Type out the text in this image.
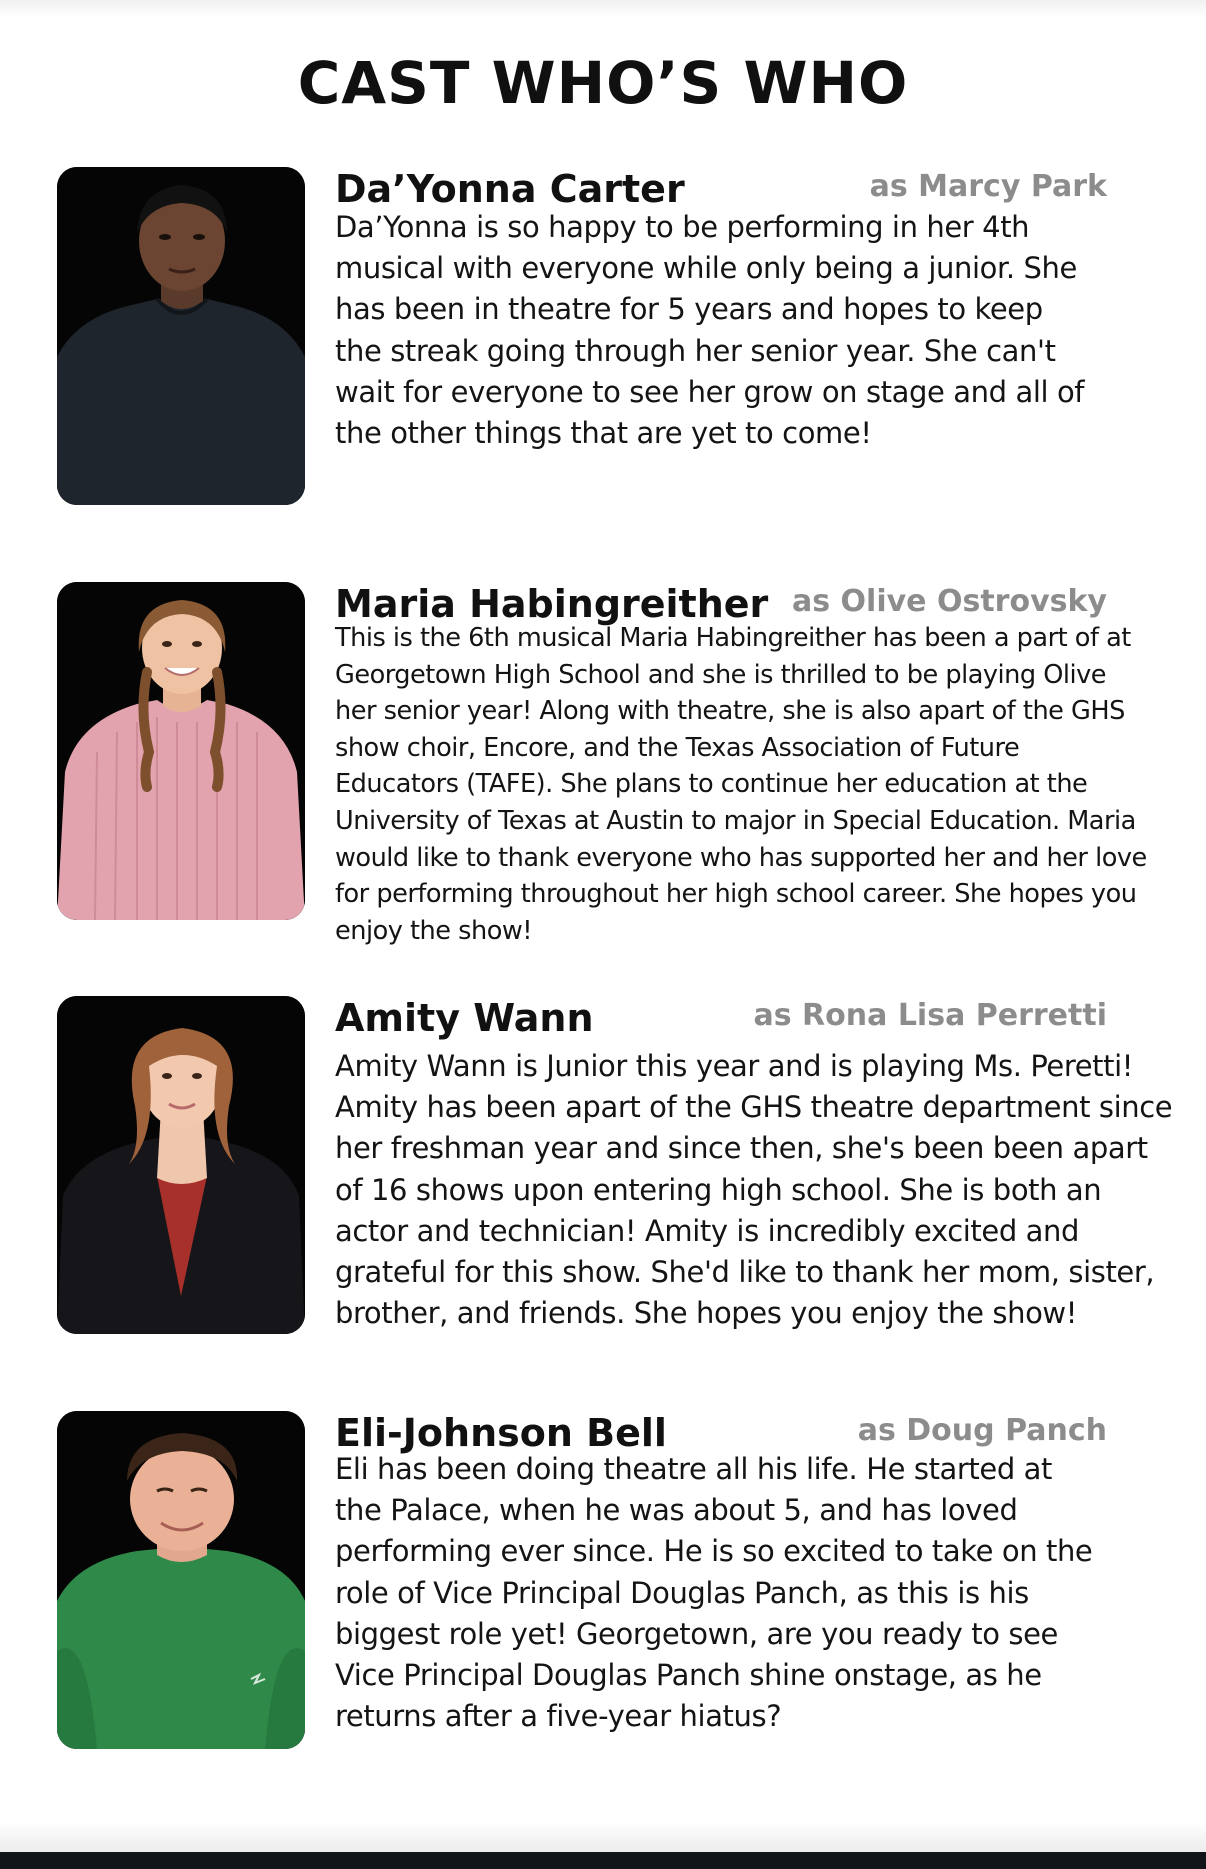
CAST WHO’S WHO
Da’Yonna Carter	as Marcy Park

Da’Yonna is so happy to be performing in her 4th
musical with everyone while only being a junior. She
has been in theatre for 5 years and hopes to keep
the streak going through her senior year. She can't
wait for everyone to see her grow on stage and all of
the other things that are yet to come!

Maria Habingreither as Olive Ostrovsky

This is the 6th musical Maria Habingreither has been a part of at
Georgetown High School and she is thrilled to be playing Olive
her senior year! Along with theatre, she is also apart of the GHS
show choir, Encore, and the Texas Association of Future
Educators (TAFE). She plans to continue her education at the
University of Texas at Austin to major in Special Education. Maria
would like to thank everyone who has supported her and her love
for performing throughout her high school career. She hopes you
enjoy the show!

Amity Wann	as Rona Lisa Perretti

Amity Wann is Junior this year and is playing Ms. Peretti!
Amity has been apart of the GHS theatre department since
her freshman year and since then, she's been been apart
of 16 shows upon entering high school. She is both an
actor and technician! Amity is incredibly excited and
grateful for this show. She'd like to thank her mom, sister,
brother, and friends. She hopes you enjoy the show!

Eli-Johnson Bell	as Doug Panch

Eli has been doing theatre all his life. He started at
the Palace, when he was about 5, and has loved
performing ever since. He is so excited to take on the
role of Vice Principal Douglas Panch, as this is his
biggest role yet! Georgetown, are you ready to see
Vice Principal Douglas Panch shine onstage, as he
returns after a five-year hiatus?
